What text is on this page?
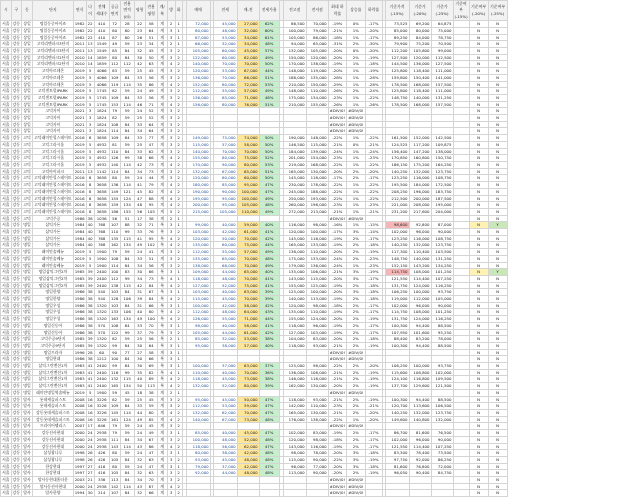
시	구	동	단지	연식	나이	전체 세대수	공급 면적	전용 면적(㎡)	평형	전용 평형	계/복	방	화		매매		전세	매-전	전세가율		전고점	전저점	최대 하락률	상승률	하락률		기준가격 (-15%)	기준가 (-20%)	기준가 (-25%)	기준여부 (-15%)	기준여부 (-20%)	기준여부 (-25%)
서울	강동	상일	명일동중아이즈	1982	22	410	72	28	22	58	계	2	1		72,000		45,000	27,000	62%		86,500	70,000	-19%	0%	-17%		73,525	69,200	64,875		N	N
서울	강동	상일	명일동중아이즈	1982	22	410	80	80	23	64	계	3	1		80,000		48,000	32,000	60%		100,000	79,000	-21%	1%	-20%		85,000	80,000	75,000		N	N
서울	강동	상일	명일동중아이즈	1982	22	410	87	80	26	51	계	3	1		87,000		53,000	34,000	61%		105,000	86,000	-18%	1%	-17%		89,250	84,000	78,750		N	N
서울	강동	상일	고덕리엔파크3단지	2011	13	1549	49	59	23	34	계	2	1		66,000		32,000	34,000	48%		94,000	65,000	-31%	2%	-30%		79,900	75,200	70,500		N	N
서울	강동	상일	고덕리엔파크3단지	2011	13	1549	85	84	32	45	계	3	2		105,000		60,000	45,000	57%		132,000	105,000	-20%	0%	-20%		112,200	105,600	99,000		N	N
서울	강동	상일	고덕리엔파크2단지	2010	14	1859	80	84	30	50	계	3	2		122,000		60,000	62,000	49%		150,000	120,000	-20%	2%	-19%		127,500	120,000	112,500		N	N
서울	강동	상일	고덕리엔파크2단지	2010	14	1859	112	112	42	63	계	4	2		140,000		70,000	70,000	50%		170,000	138,000	-19%	1%	-18%		144,500	136,000	127,500		N	N
서울	강동	상일	고덕아르테온	2019	5	4066	83	59	25	45	계	3	2		120,000		53,000	67,000	44%		148,000	119,000	-20%	1%	-19%		125,800	118,400	111,000		N	N
서울	강동	상일	고덕아르테온	2019	5	4066	109	84	33	56	계	3	2		136,000		70,000	66,000	51%		188,000	135,000	-28%	1%	-28%		159,800	150,400	141,000		N	N
서울	강동	상일	고덕아르테온	2019	5	4066	119	114	35	86	계	4	2		152,000		80,000	72,000	53%		210,000	150,000	-29%	1%	-28%		178,500	168,000	157,500		N	N
서울	강동	상일	고덕센트럴IPARK	2019	5	1745	82	59	24	49	계	3	2		112,000		55,000	57,000	49%		148,000	110,000	-26%	2%	-24%		125,800	118,400	111,000		N	N
서울	강동	상일	고덕센트럴IPARK	2019	5	1745	109	84	33	56	계	3	2		136,000		65,000	71,000	48%		175,000	134,000	-23%	1%	-22%		148,750	140,000	131,250		N	N
서울	강동	상일	고덕센트럴IPARK	2019	5	1745	153	114	46	71	계	4	2		156,000		80,000	76,000	51%		210,000	155,000	-26%	1%	-26%		178,500	168,000	157,500		N	N
서울	강동	상일	고덕자이	2021	3	1824	79	59	24	52	계	3	2										#DIV/0!	#DIV/0!							N	N
서울	강동	상일	고덕자이	2021	3	1824	82	59	25	52	계	3	2										#DIV/0!	#DIV/0!							N	N
서울	강동	상일	고덕자이	2021	3	1824	108	84	33	64	계	3	2										#DIV/0!	#DIV/0!							N	N
서울	강동	상일	고덕자이	2021	3	1824	114	84	34	64	계	3	2										#DIV/0!	#DIV/0!							N	N
서울	강동	고덕	고덕래미안힐스테이트	2016	8	3658	109	84	33	77	계	3	2		149,000		75,000	74,000	50%		190,000	148,000	-22%	1%	-22%		161,500	152,000	142,500		N	N
서울	강동	고덕	고덕그라시움	2019	5	4932	81	59	25	47	계	3	2		115,000		57,000	58,000	50%		146,500	115,000	-21%	0%	-21%		124,525	117,200	109,875		N	N
서울	강동	고덕	고덕그라시움	2019	5	4932	110	84	33	62	계	3	2		140,000		70,000	70,000	50%		184,000	139,000	-24%	1%	-24%		156,400	147,200	138,000		N	N
서울	강동	고덕	고덕그라시움	2019	5	4932	126	99	38	66	계	4	2		155,000		80,000	75,000	52%		201,000	154,000	-23%	1%	-23%		170,850	160,800	150,750		N	N
서울	강동	고덕	고덕그라시움	2019	5	4932	140	114	42	73	계	4	2		170,000		90,000	80,000	53%		219,000	168,000	-22%	1%	-22%		186,150	175,200	164,250		N	N
서울	강동	고덕	고덕아이파크	2011	13	1142	114	84	34	73	계	3	2		132,000		67,000	65,000	51%		165,000	130,000	-20%	2%	-20%		140,250	132,000	123,750		N	N
서울	강동	고덕	고덕래미안힐스테이트	2016	8	3658	80	59	24	44	계	3	2		120,000		60,000	60,000	50%		145,000	118,000	-17%	2%	-17%		123,250	116,000	108,750		N	N
서울	강동	고덕	고덕래미안힐스테이트	2016	8	3658	136	114	41	79	계	4	2		180,000		85,000	95,000	47%		230,000	178,000	-22%	1%	-22%		195,500	184,000	172,500		N	N
서울	강동	고덕	고덕래미안힐스테이트	2016	8	3658	149	121	45	82	계	4	2		190,000		90,000	100,000	47%		245,000	188,000	-22%	1%	-22%		208,250	196,000	183,750		N	N
서울	강동	고덕	고덕래미안힐스테이트	2016	8	3658	155	124	47	88	계	4	2		195,000		95,000	100,000	49%		250,000	193,000	-22%	1%	-22%		212,500	200,000	187,500		N	N
서울	강동	고덕	고덕래미안힐스테이트	2016	8	3658	159	134	48	95	계	4	2		200,000		95,000	105,000	48%		260,000	198,000	-23%	1%	-23%		221,000	208,000	195,000		N	N
서울	강동	고덕	고덕래미안힐스테이트	2016	8	3658	186	155	56	105	계	5	2		215,000		105,000	110,000	49%		272,000	213,000	-21%	1%	-21%		231,200	217,600	204,000		N	N
서울	강동	고덕	고덕주공	1986	38	1036	56	51	17	38	계	2	1										#DIV/0!	#DIV/0!							N	N
서울	강동	명일	삼익가든	1984	40	768	107	88	32	71	복	3	1		99,000		40,000	59,000	40%		116,000	98,000	-16%	1%	-15%		98,600	92,800	87,000		N	Y
서울	강동	명일	삼익가든	1984	40	768	110	99	33	76	복	3	2		103,000		42,000	61,000	41%		120,000	100,000	-17%	3%	-14%		102,000	96,000	90,000		N	N
서울	강동	명일	삼익가든	1984	40	768	135	115	41	95	복	4	2		120,000		50,000	70,000	42%		145,000	118,000	-19%	2%	-17%		123,250	116,000	108,750		N	N
서울	강동	명일	삼익가든	1984	40	768	162	134	49	102	복	4	2		135,000		60,000	75,000	44%		165,000	133,000	-19%	2%	-18%		140,250	132,000	123,750		N	N
서울	강동	명일	래미안솔베뉴	2019	5	1900	79	59	24	41	계	3	2		112,000		55,000	57,000	49%		138,000	110,000	-20%	2%	-19%		117,300	110,400	103,500		N	N
서울	강동	명일	래미안솔베뉴	2019	5	1900	108	84	33	51	계	3	2		135,000		65,000	70,000	48%		175,000	133,000	-24%	2%	-23%		148,750	140,000	131,250		N	N
서울	강동	명일	래미안솔베뉴	2019	5	1900	114	84	34	56	계	3	2		138,000		68,000	70,000	49%		179,000	136,000	-24%	1%	-23%		152,150	143,200	134,250		N	N
서울	강동	명일	명일삼익그린2차	1985	39	2400	100	83	30	66	복	3	1		109,000		44,000	65,000	40%		135,000	106,000	-21%	3%	-19%		114,750	108,000	101,250		N	Y
서울	강동	명일	명일삼익그린2차	1985	39	2400	112	99	34	73	복	4	1		118,000		48,000	70,000	41%		143,000	115,000	-20%	3%	-17%		121,550	114,400	107,250		N	N
서울	강동	명일	명일삼익그린2차	1985	39	2400	138	115	42	84	복	4	2		127,000		52,000	75,000	41%		155,000	125,000	-19%	2%	-18%		131,750	124,000	116,250		N	N
서울	강동	명일	명일한양	1986	38	540	103	84	31	67	복	3	1		103,000		40,000	63,000	39%		125,000	100,000	-20%	3%	-18%		106,250	100,000	93,750		N	N
서울	강동	명일	명일한양	1986	38	540	128	106	39	84	복	4	2		115,000		45,000	70,000	39%		140,000	113,000	-19%	2%	-18%		119,000	112,000	105,000		N	N
서울	강동	명일	명일우성	1986	38	1320	103	84	31	66	복	3	1		100,000		42,000	58,000	42%		120,000	98,000	-18%	2%	-17%		102,000	96,000	90,000		N	N
서울	강동	명일	명일우성	1986	38	1320	133	106	40	80	복	4	2		112,000		48,000	64,000	43%		135,000	110,000	-19%	2%	-17%		114,750	108,000	101,250		N	N
서울	강동	명일	명일우성	1986	38	1320	163	134	49	100	복	4	2		126,000		55,000	71,000	44%		155,000	124,000	-20%	2%	-19%		131,750	124,000	116,250		N	N
서울	강동	명일	명일신동아	1986	38	570	108	84	33	70	복	3	1		98,000		40,000	58,000	41%		118,000	96,000	-19%	2%	-17%		100,300	94,400	88,500		N	N
서울	강동	명일	명일신동아	1986	38	570	122	99	37	79	복	3	2		105,000		44,000	61,000	42%		127,000	103,000	-19%	2%	-17%		107,950	101,600	95,250		N	N
서울	강동	명일	고덕주공9단지	1985	39	1320	82	59	25	56	복	2	1		85,000		32,000	53,000	38%		104,000	83,000	-20%	2%	-18%		88,400	83,200	78,000		N	N
서울	강동	명일	고덕주공9단지	1985	39	1320	99	84	30	64	복	3	1		95,000		38,000	57,000	40%		118,000	93,000	-21%	2%	-19%		100,300	94,400	88,500		N	N
서울	강동	명일	명일프라자	1996	28	60	90	77	27	58	계	3	1										#DIV/0!	#DIV/0!							N	N
서울	강동	명일	명일현대	1986	38	1212	100	84	30	66	복	3	1										#DIV/0!	#DIV/0!							N	N
서울	강동	명일	삼익그린맨션1차	1983	41	2400	99	84	30	69	복	3	1		100,000		37,000	63,000	37%		125,000	98,000	-22%	2%	-20%		106,250	100,000	93,750		N	N
서울	강동	명일	삼익그린맨션1차	1983	41	2400	116	99	35	82	복	4	1		110,000		40,000	70,000	36%		136,000	108,000	-21%	2%	-19%		115,600	108,800	102,000		N	N
서울	강동	명일	삼익그린맨션1차	1983	41	2400	132	115	40	89	복	4	2		118,000		45,000	73,000	38%		146,000	116,000	-21%	2%	-19%		124,100	116,800	109,500		N	N
서울	강동	명일	삼익그린맨션1차	1983	41	2400	165	134	50	113	복	4	2		132,000		52,000	80,000	39%		162,000	130,000	-20%	2%	-19%		137,700	129,600	121,500		N	N
서울	강동	명일	래미안명일역솔베뉴	2019	5	1900	59	45	18	38	계	2	1										#DIV/0!	#DIV/0!							N	N
서울	강동	암사	롯데캐슬퍼스트	2008	16	3226	82	59	25	45	계	3	2		95,000		45,000	50,000	47%		118,000	93,000	-21%	2%	-19%		100,300	94,400	88,500		N	N
서울	강동	암사	롯데캐슬퍼스트	2008	16	3226	109	84	33	59	계	3	2		112,000		53,000	59,000	47%		142,000	110,000	-23%	2%	-21%		120,700	113,600	106,500		N	N
서울	강동	암사	강동롯데캐슬퍼스트	2008	16	3226	145	114	44	80	계	4	2		132,000		62,000	70,000	47%		165,000	130,000	-21%	2%	-20%		140,250	132,000	123,750		N	N
서울	강동	암사	강동롯데캐슬퍼스트	2008	16	3226	161	124	49	85	계	4	2		140,000		67,000	73,000	48%		176,000	138,000	-22%	1%	-20%		149,600	140,800	132,000		N	N
서울	강동	암사	프라이어팰리스	2007	17	646	79	59	24	45	계	3	2										#DIV/0!	#DIV/0!							N	N
서울	강동	암사	강동선사현대	2000	24	2938	79	59	24	49	계	3	1		85,000		40,000	45,000	47%		102,000	83,000	-19%	2%	-17%		86,700	81,600	76,500		N	N
서울	강동	암사	강동선사현대	2000	24	2938	111	84	34	67	계	3	2		100,000		48,000	52,000	48%		120,000	98,000	-18%	2%	-17%		102,000	96,000	90,000		N	N
서울	강동	암사	강동선사현대	2000	24	2938	143	114	43	86	계	4	2		118,000		56,000	62,000	47%		143,000	116,000	-19%	2%	-17%		121,550	114,400	107,250		N	N
서울	강동	암사	삼성광나루	1998	26	426	80	59	24	47	계	3	1		80,000		38,000	42,000	48%		98,000	78,000	-20%	3%	-18%		83,300	78,400	73,500		N	N
서울	강동	암사	삼성광나루	1998	26	426	105	84	32	63	계	3	2		93,000		45,000	48,000	48%		115,000	90,000	-22%	3%	-19%		97,750	92,000	86,250		N	N
서울	강동	암사	한강현대	1997	27	416	80	59	24	47	계	3	1		79,000		37,000	42,000	47%		96,000	77,000	-20%	3%	-18%		81,600	76,800	72,000		N	N
서울	강동	암사	한강현대	1997	27	416	105	84	32	63	계	3	2		92,000		44,000	48,000	48%		113,000	90,000	-20%	2%	-19%		96,050	90,400	84,750		N	N
서울	강동	암사	암사동현대홈타운	2003	21	336	113	84	34	70	계	3	2										#DIV/0!	#DIV/0!							N	N
서울	강동	암사	암사동선사현대	2000	24	2938	142	114	43	87	계	4	2										#DIV/0!	#DIV/0!							N	N
서울	강동	암사	암사한양	1994	30	214	107	84	32	66	계	3	2										#DIV/0!	#DIV/0!							N	N
